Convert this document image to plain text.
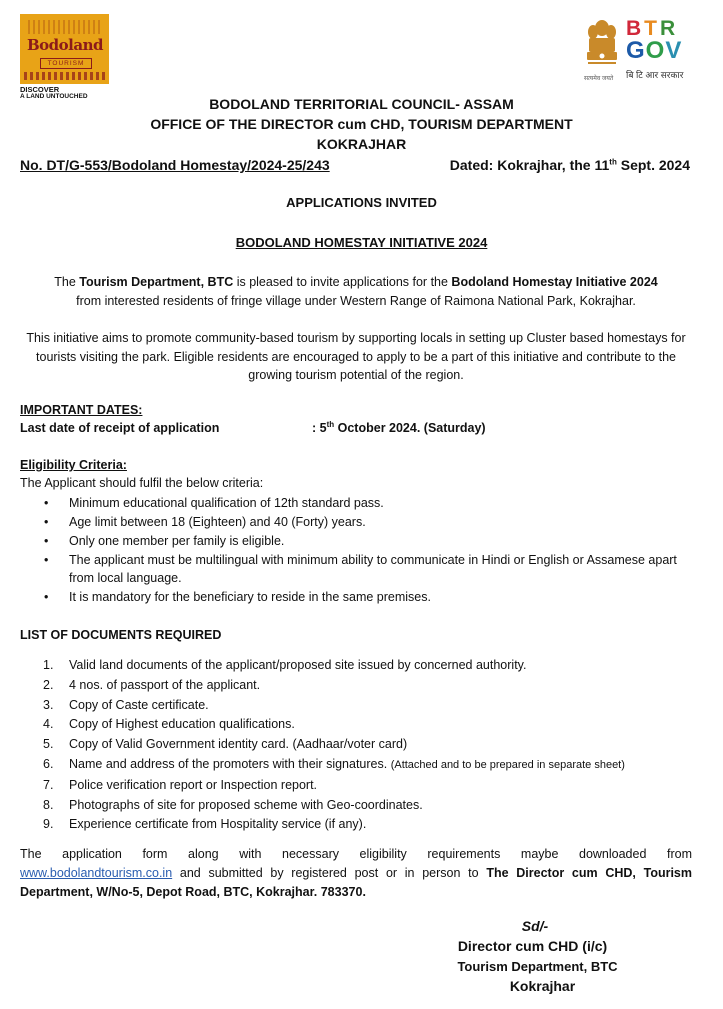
Bodoland
TOURISM
DISCOVER
A LAND UNTOUCHED
BTR
GOV
बि टि आर सरकार
सत्यमेव जयते
BODOLAND TERRITORIAL COUNCIL- ASSAM
OFFICE OF THE DIRECTOR cum CHD, TOURISM DEPARTMENT
KOKRAJHAR
No. DT/G-553/Bodoland Homestay/2024-25/243	Dated: Kokrajhar, the 11th Sept. 2024
APPLICATIONS INVITED
BODOLAND HOMESTAY INITIATIVE 2024
The Tourism Department, BTC is pleased to invite applications for the Bodoland Homestay Initiative 2024
from interested residents of fringe village under Western Range of Raimona National Park, Kokrajhar.
This initiative aims to promote community-based tourism by supporting locals in setting up Cluster based homestays for tourists visiting the park. Eligible residents are encouraged to apply to be a part of this initiative and contribute to the growing tourism potential of the region.
IMPORTANT DATES:
Last date of receipt of application	: 5th October 2024. (Saturday)
Eligibility Criteria:
The Applicant should fulfil the below criteria:
• Minimum educational qualification of 12th standard pass.
• Age limit between 18 (Eighteen) and 40 (Forty) years.
• Only one member per family is eligible.
• The applicant must be multilingual with minimum ability to communicate in Hindi or English or Assamese apart from local language.
• It is mandatory for the beneficiary to reside in the same premises.
LIST OF DOCUMENTS REQUIRED
1. Valid land documents of the applicant/proposed site issued by concerned authority.
2. 4 nos. of passport of the applicant.
3. Copy of Caste certificate.
4. Copy of Highest education qualifications.
5. Copy of Valid Government identity card. (Aadhaar/voter card)
6. Name and address of the promoters with their signatures. (Attached and to be prepared in separate sheet)
7. Police verification report or Inspection report.
8. Photographs of site for proposed scheme with Geo-coordinates.
9. Experience certificate from Hospitality service (if any).
The application form along with necessary eligibility requirements maybe downloaded from
www.bodolandtourism.co.in and submitted by registered post or in person to The Director cum CHD, Tourism Department, W/No-5, Depot Road, BTC, Kokrajhar. 783370.
Sd/-
Director cum CHD (i/c)
Tourism Department, BTC
Kokrajhar
